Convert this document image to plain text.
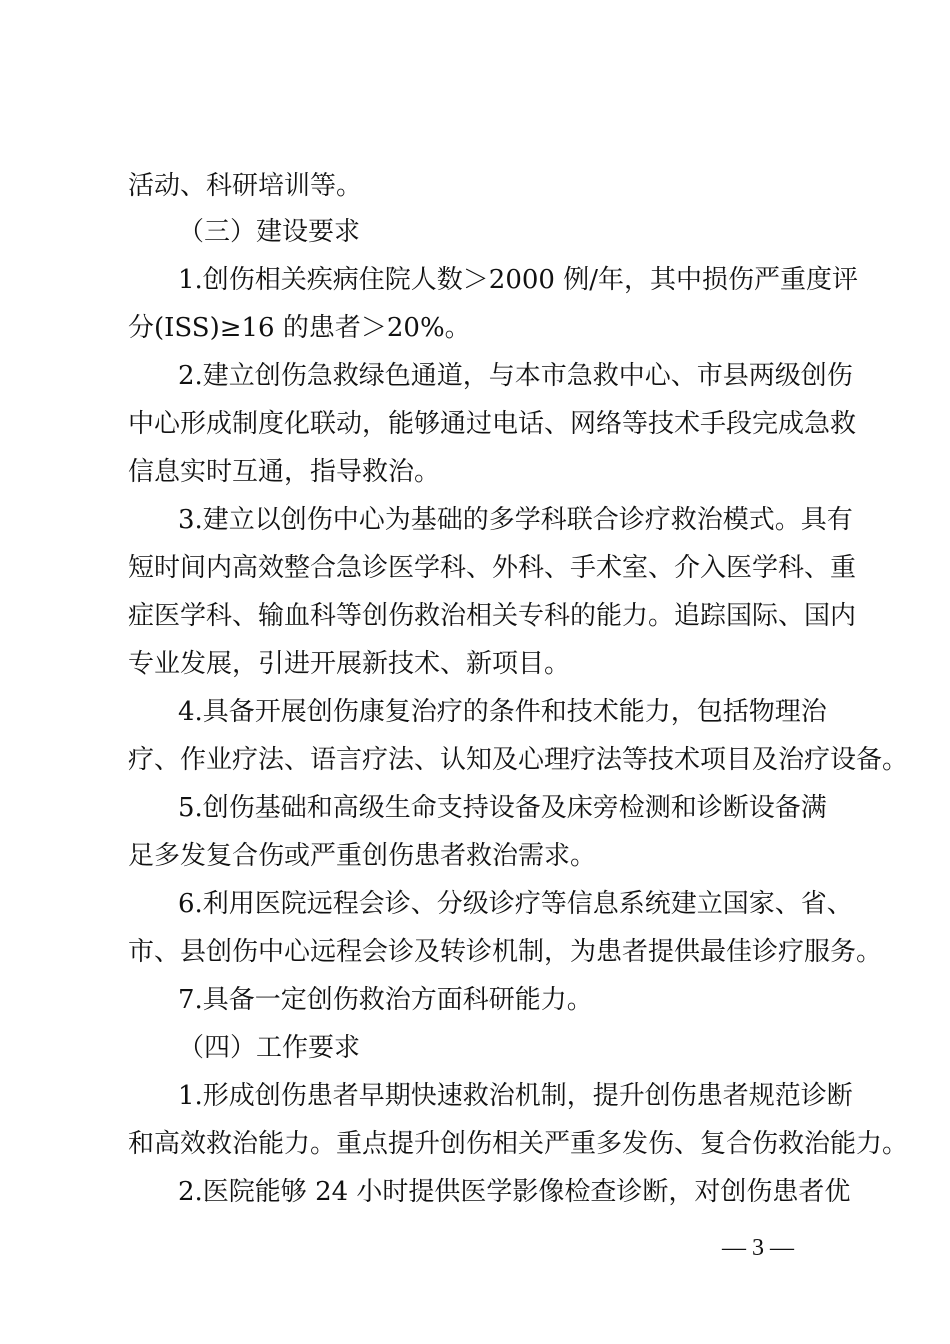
活动、科研培训等。
（三）建设要求
1.创伤相关疾病住院人数＞2000 例/年，其中损伤严重度评
分(ISS)≥16 的患者＞20%。
2.建立创伤急救绿色通道，与本市急救中心、市县两级创伤
中心形成制度化联动，能够通过电话、网络等技术手段完成急救
信息实时互通，指导救治。
3.建立以创伤中心为基础的多学科联合诊疗救治模式。具有
短时间内高效整合急诊医学科、外科、手术室、介入医学科、重
症医学科、输血科等创伤救治相关专科的能力。追踪国际、国内
专业发展，引进开展新技术、新项目。
4.具备开展创伤康复治疗的条件和技术能力，包括物理治
疗、作业疗法、语言疗法、认知及心理疗法等技术项目及治疗设备。
5.创伤基础和高级生命支持设备及床旁检测和诊断设备满
足多发复合伤或严重创伤患者救治需求。
6.利用医院远程会诊、分级诊疗等信息系统建立国家、省、
市、县创伤中心远程会诊及转诊机制，为患者提供最佳诊疗服务。
7.具备一定创伤救治方面科研能力。
（四）工作要求
1.形成创伤患者早期快速救治机制，提升创伤患者规范诊断
和高效救治能力。重点提升创伤相关严重多发伤、复合伤救治能力。
2.医院能够 24 小时提供医学影像检查诊断，对创伤患者优
— 3 —
